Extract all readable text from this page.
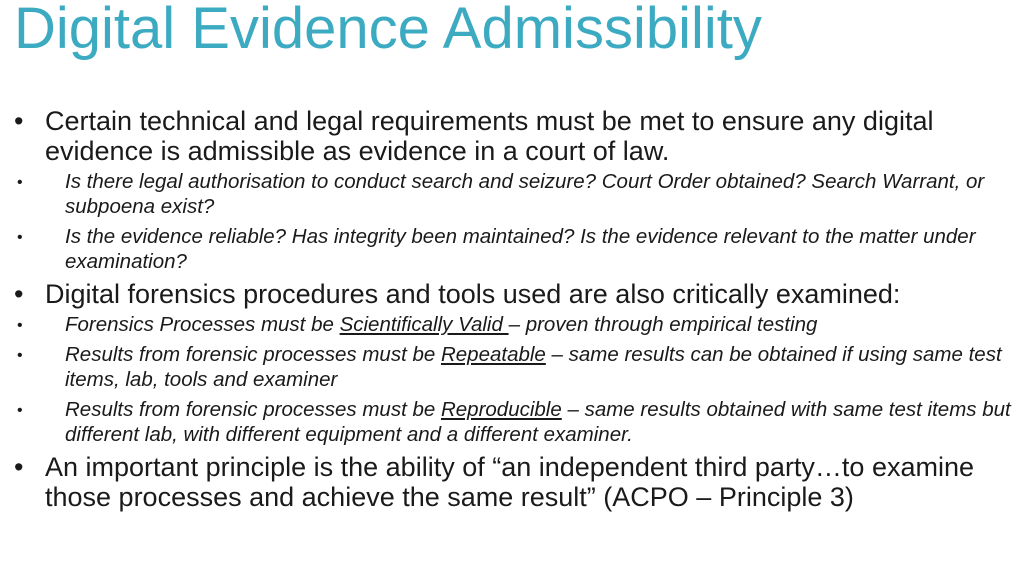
Digital Evidence Admissibility
• Certain technical and legal requirements must be met to ensure any digital evidence is admissible as evidence in a court of law.
• Is there legal authorisation to conduct search and seizure? Court Order obtained? Search Warrant, or subpoena exist?
• Is the evidence reliable? Has integrity been maintained? Is the evidence relevant to the matter under examination?
• Digital forensics procedures and tools used are also critically examined:
• Forensics Processes must be Scientifically Valid – proven through empirical testing
• Results from forensic processes must be Repeatable – same results can be obtained if using same test items, lab, tools and examiner
• Results from forensic processes must be Reproducible – same results obtained with same test items but different lab, with different equipment and a different examiner.
• An important principle is the ability of “an independent third party…to examine those processes and achieve the same result” (ACPO – Principle 3)
